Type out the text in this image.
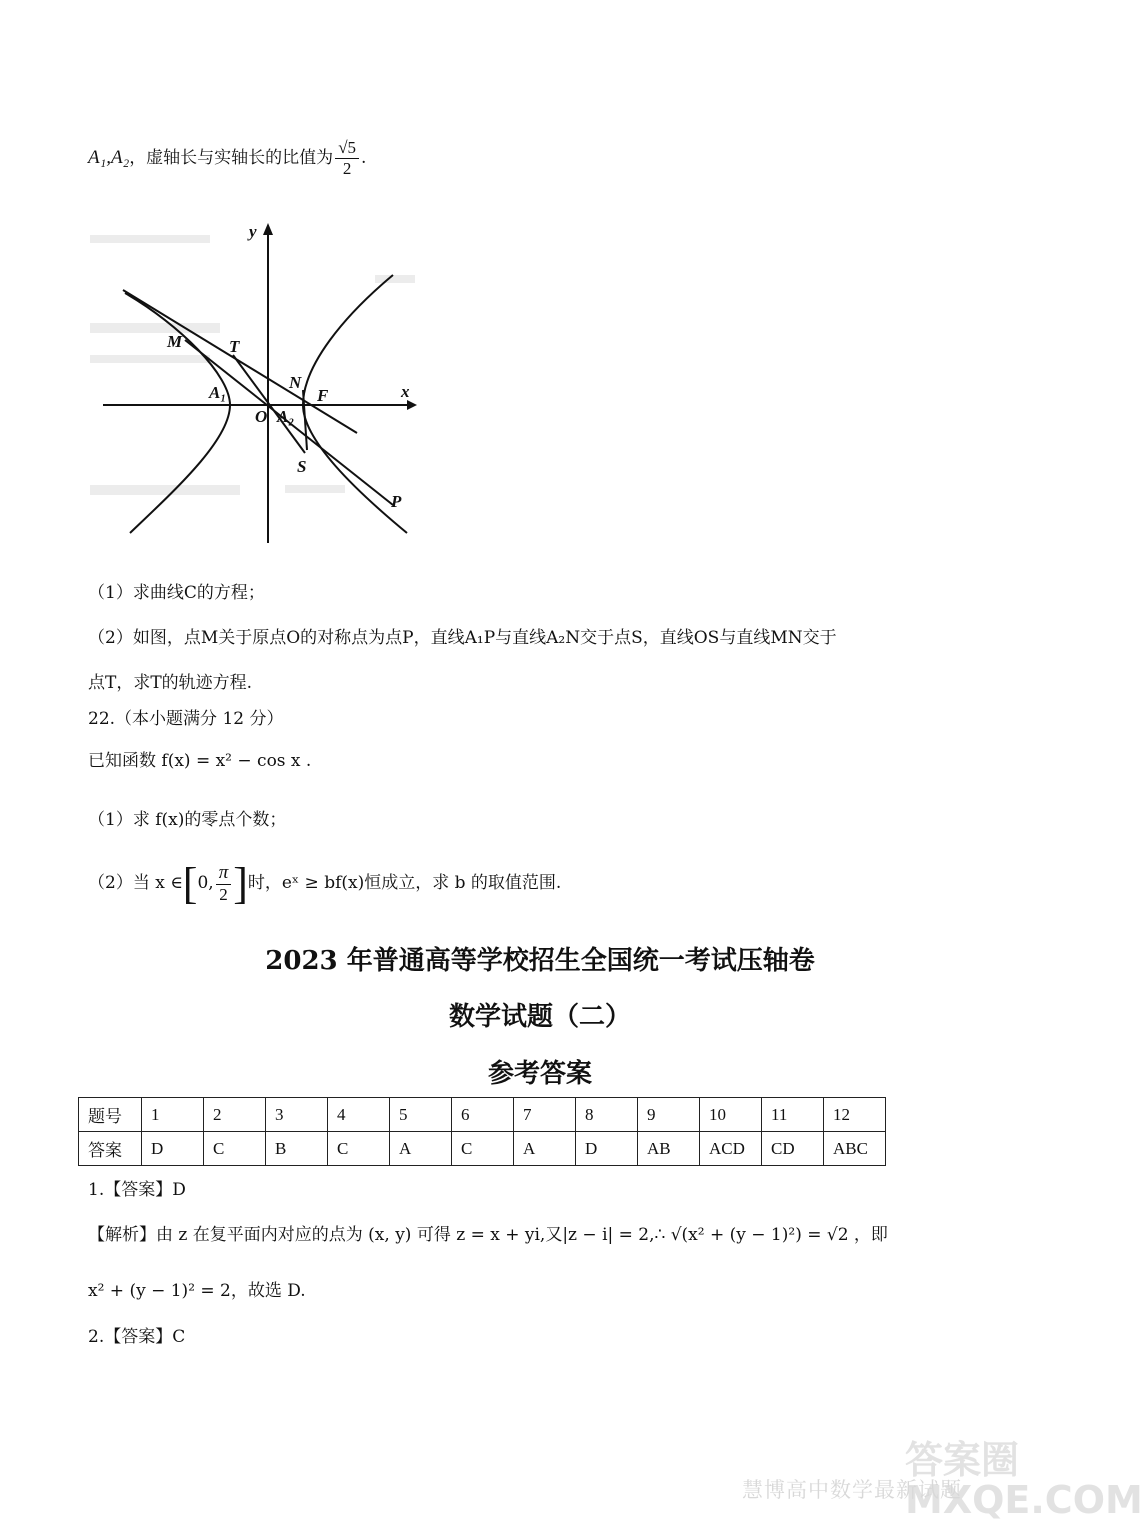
A₁,A₂，虚轴长与实轴长的比值为 $\frac{√5}{2}$ .
y
x
M	T
N
F
A₁
O A₂
S
P
（1）求曲线C的方程；
（2）如图，点M关于原点O的对称点为点P，直线A₁P与直线A₂N交于点S，直线OS与直线MN交于
点T，求T的轨迹方程.
22.（本小题满分 12 分）
已知函数 f(x) = x² − cos x .
（1）求 f(x)的零点个数；
（2）当 x ∈[0, $\frac{\pi}{2}$ ]时，eˣ ≥ bf(x)恒成立，求 b 的取值范围.
2023 年普通高等学校招生全国统一考试压轴卷
数学试题（二）
参考答案
题号	1	2	3	4	5	6	7	8	9	10	11	12
答案	D	C	B	C	A	C	A	D	AB	ACD	CD	ABC
1.【答案】D
【解析】由 z 在复平面内对应的点为 (x, y) 可得 z = x + yi,又|z − i| = 2,∴ √(x² + (y − 1)²) = √2 ，即
x² + (y − 1)² = 2，故选 D.
2.【答案】C
答案圈 MXQE.COM
慧博高中数学最新试题
